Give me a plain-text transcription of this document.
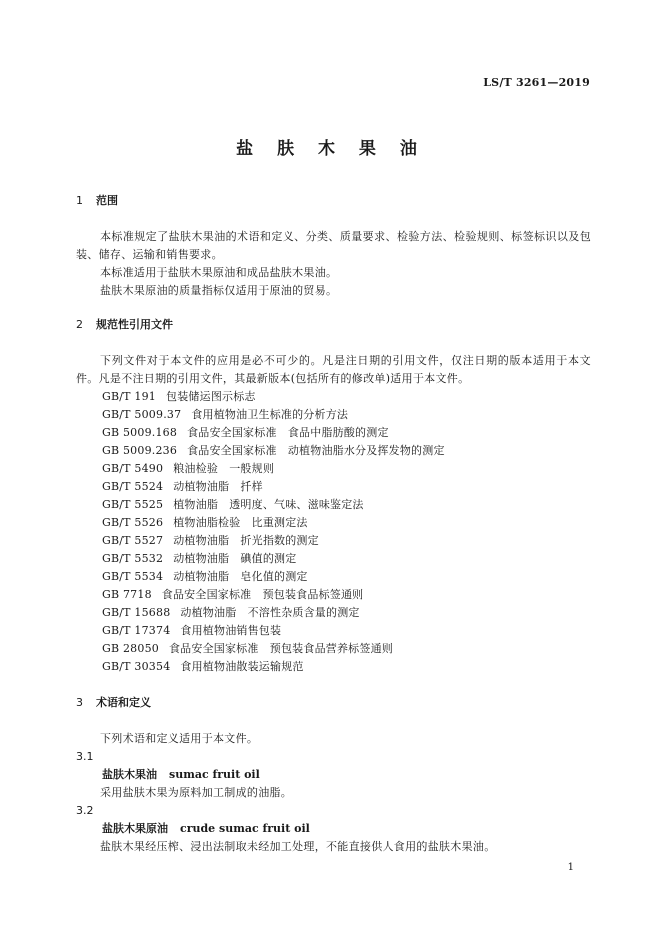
LS/T 3261—2019
盐 肤 木 果 油
1 范围
本标准规定了盐肤木果油的术语和定义、分类、质量要求、检验方法、检验规则、标签标识以及包装、储存、运输和销售要求。
本标准适用于盐肤木果原油和成品盐肤木果油。
盐肤木果原油的质量指标仅适用于原油的贸易。
2 规范性引用文件
下列文件对于本文件的应用是必不可少的。凡是注日期的引用文件，仅注日期的版本适用于本文件。凡是不注日期的引用文件，其最新版本(包括所有的修改单)适用于本文件。
GB/T 191 包装储运图示标志
GB/T 5009.37 食用植物油卫生标准的分析方法
GB 5009.168 食品安全国家标准　食品中脂肪酸的测定
GB 5009.236 食品安全国家标准　动植物油脂水分及挥发物的测定
GB/T 5490 粮油检验　一般规则
GB/T 5524 动植物油脂　扦样
GB/T 5525 植物油脂　透明度、气味、滋味鉴定法
GB/T 5526 植物油脂检验　比重测定法
GB/T 5527 动植物油脂　折光指数的测定
GB/T 5532 动植物油脂　碘值的测定
GB/T 5534 动植物油脂　皂化值的测定
GB 7718 食品安全国家标准　预包装食品标签通则
GB/T 15688 动植物油脂　不溶性杂质含量的测定
GB/T 17374 食用植物油销售包装
GB 28050 食品安全国家标准　预包装食品营养标签通则
GB/T 30354 食用植物油散装运输规范
3 术语和定义
下列术语和定义适用于本文件。
3.1
盐肤木果油 sumac fruit oil
采用盐肤木果为原料加工制成的油脂。
3.2
盐肤木果原油 crude sumac fruit oil
盐肤木果经压榨、浸出法制取未经加工处理，不能直接供人食用的盐肤木果油。
1
